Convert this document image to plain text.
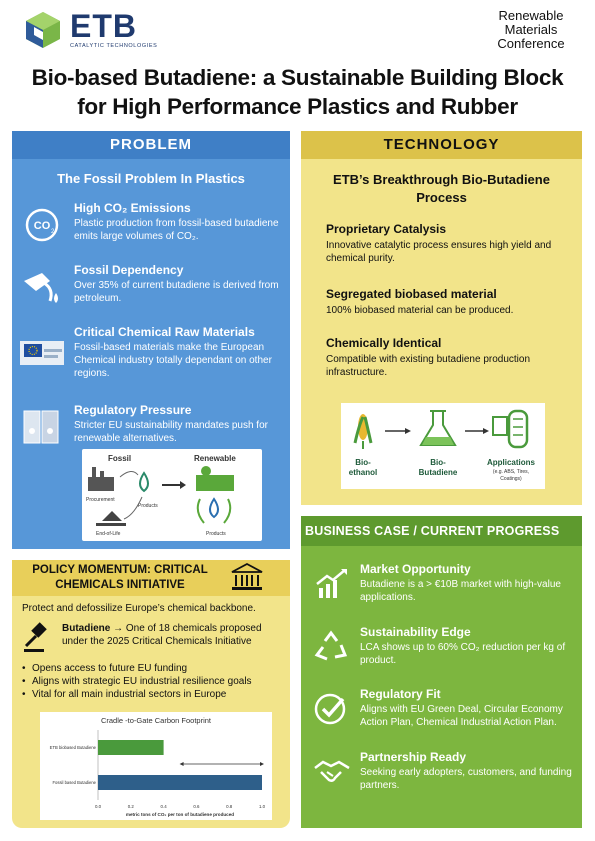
ETB
CATALYTIC TECHNOLOGIES
Renewable
Materials
Conference
Bio-based Butadiene: a Sustainable Building Block
for High Performance Plastics and Rubber
PROBLEM
The Fossil Problem In Plastics
CO 2
High CO₂ Emissions
Plastic production from fossil-based butadiene emits large volumes of CO₂.
Fossil Dependency
Over 35% of current butadiene is derived from petroleum.
Critical Chemical Raw Materials
Fossil-based materials make the European Chemical industry totally dependant on other regions.
Regulatory Pressure
Stricter EU sustainability mandates push for renewable alternatives.
Fossil	Renewable
Procurement
Products
End-of-Life	Products
TECHNOLOGY
ETB’s Breakthrough Bio-Butadiene
Process
Proprietary Catalysis
Innovative catalytic process ensures high yield and chemical purity.
Segregated biobased material
100% biobased material can be produced.
Chemically Identical
Compatible with existing butadiene production infrastructure.
Bio-
ethanol
Bio-
Butadiene
Applications
(e.g. ABS, Tires,
Coatings)
POLICY MOMENTUM: CRITICAL CHEMICALS INITIATIVE
Protect and defossilize Europe’s chemical backbone.
Butadiene → One of 18 chemicals proposed under the 2025 Critical Chemicals Initiative
• Opens access to future EU funding
• Aligns with strategic EU industrial resilience goals
• Vital for all main industrial sectors in Europe
Cradle -to-Gate Carbon Footprint
ETB biobased Butadiene
Fossil based Butadiene
0.0	0.2	0.4	0.6	0.8	1.0
metric tons of CO₂ per ton of butadiene produced
BUSINESS CASE / CURRENT PROGRESS
Market Opportunity
Butadiene is a > €10B market with high-value applications.
Sustainability Edge
LCA shows up to 60% CO₂ reduction per kg of product.
Regulatory Fit
Aligns with EU Green Deal, Circular Economy Action Plan, Chemical Industrial Action Plan.
Partnership Ready
Seeking early adopters, customers, and funding partners.
